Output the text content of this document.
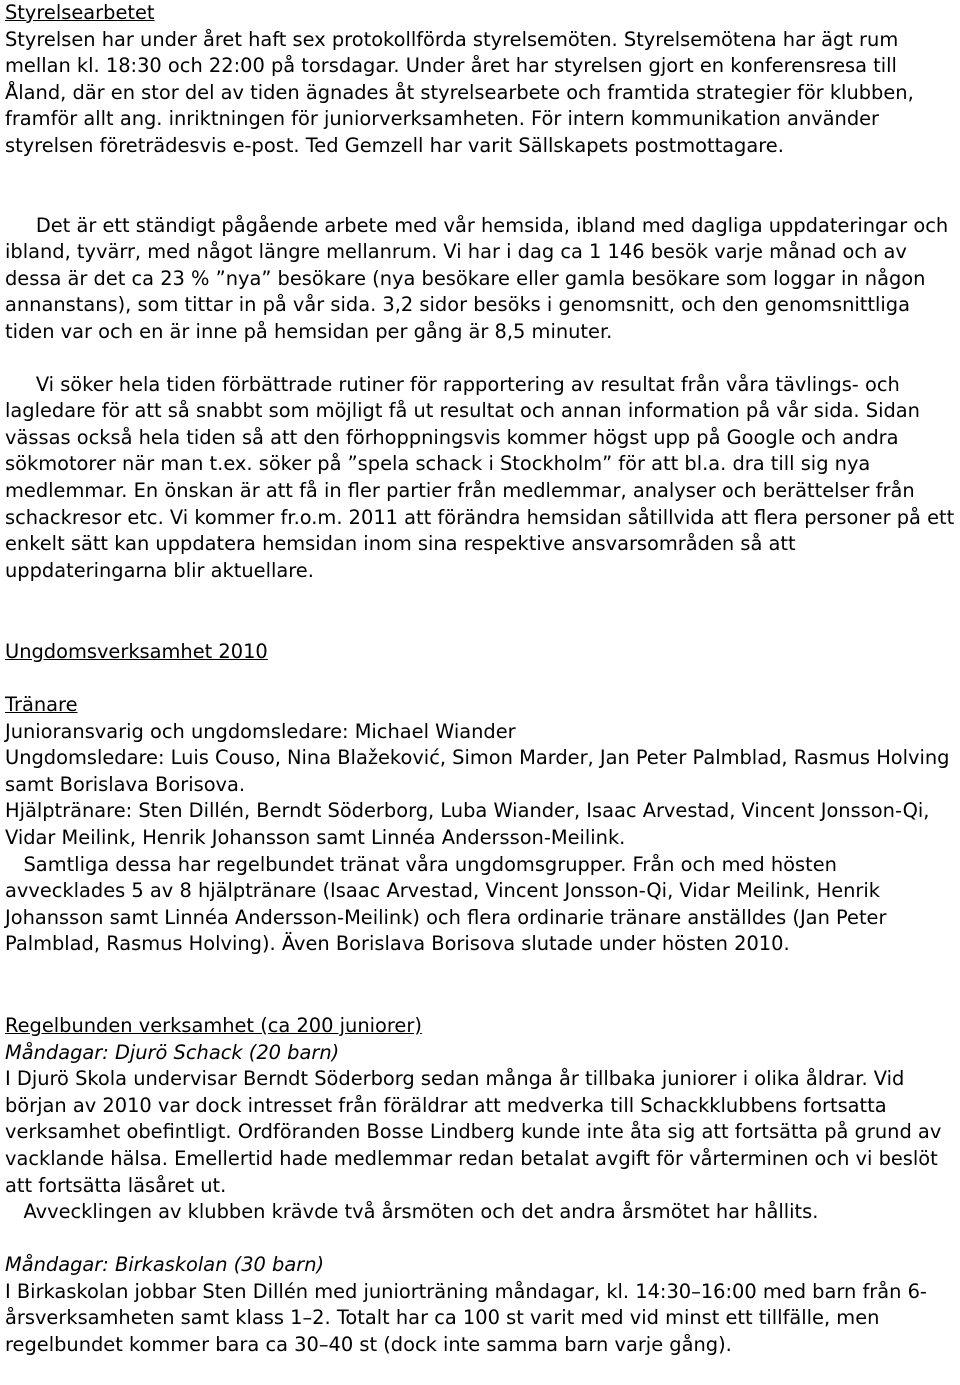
Styrelsearbetet

Styrelsen har under året haft sex protokollförda styrelsemöten. Styrelsemötena har ägt rum mellan kl. 18:30 och 22:00 på torsdagar. Under året har styrelsen gjort en konferensresa till Åland, där en stor del av tiden ägnades åt styrelsearbete och framtida strategier för klubben, framför allt ang. inriktningen för juniorverksamheten. För intern kommunikation använder styrelsen företrädesvis e-post. Ted Gemzell har varit Sällskapets postmottagare.

Det är ett ständigt pågående arbete med vår hemsida, ibland med dagliga uppdateringar och ibland, tyvärr, med något längre mellanrum. Vi har i dag ca 1 146 besök varje månad och av dessa är det ca 23 % ”nya” besökare (nya besökare eller gamla besökare som loggar in någon annanstans), som tittar in på vår sida. 3,2 sidor besöks i genomsnitt, och den genomsnittliga tiden var och en är inne på hemsidan per gång är 8,5 minuter.

Vi söker hela tiden förbättrade rutiner för rapportering av resultat från våra tävlings- och lagledare för att så snabbt som möjligt få ut resultat och annan information på vår sida. Sidan vässas också hela tiden så att den förhoppningsvis kommer högst upp på Google och andra sökmotorer när man t.ex. söker på ”spela schack i Stockholm” för att bl.a. dra till sig nya medlemmar. En önskan är att få in fler partier från medlemmar, analyser och berättelser från schackresor etc. Vi kommer fr.o.m. 2011 att förändra hemsidan såtillvida att flera personer på ett enkelt sätt kan uppdatera hemsidan inom sina respektive ansvarsområden så att uppdateringarna blir aktuellare.

Ungdomsverksamhet 2010

Tränare

Junioransvarig och ungdomsledare: Michael Wiander

Ungdomsledare: Luis Couso, Nina Blažeković, Simon Marder, Jan Peter Palmblad, Rasmus Holving samt Borislava Borisova.

Hjälptränare: Sten Dillén, Berndt Söderborg, Luba Wiander, Isaac Arvestad, Vincent Jonsson-Qi, Vidar Meilink, Henrik Johansson samt Linnéa Andersson-Meilink.

Samtliga dessa har regelbundet tränat våra ungdomsgrupper. Från och med hösten avvecklades 5 av 8 hjälptränare (Isaac Arvestad, Vincent Jonsson-Qi, Vidar Meilink, Henrik Johansson samt Linnéa Andersson-Meilink) och flera ordinarie tränare anställdes (Jan Peter Palmblad, Rasmus Holving). Även Borislava Borisova slutade under hösten 2010.

Regelbunden verksamhet (ca 200 juniorer)

Måndagar: Djurö Schack (20 barn)

I Djurö Skola undervisar Berndt Söderborg sedan många år tillbaka juniorer i olika åldrar. Vid början av 2010 var dock intresset från föräldrar att medverka till Schackklubbens fortsatta verksamhet obefintligt. Ordföranden Bosse Lindberg kunde inte åta sig att fortsätta på grund av vacklande hälsa. Emellertid hade medlemmar redan betalat avgift för vårterminen och vi beslöt att fortsätta läsåret ut.

Avvecklingen av klubben krävde två årsmöten och det andra årsmötet har hållits.

Måndagar: Birkaskolan (30 barn)

I Birkaskolan jobbar Sten Dillén med juniorträning måndagar, kl. 14:30–16:00 med barn från 6-årsverksamheten samt klass 1–2. Totalt har ca 100 st varit med vid minst ett tillfälle, men regelbundet kommer bara ca 30–40 st (dock inte samma barn varje gång).
